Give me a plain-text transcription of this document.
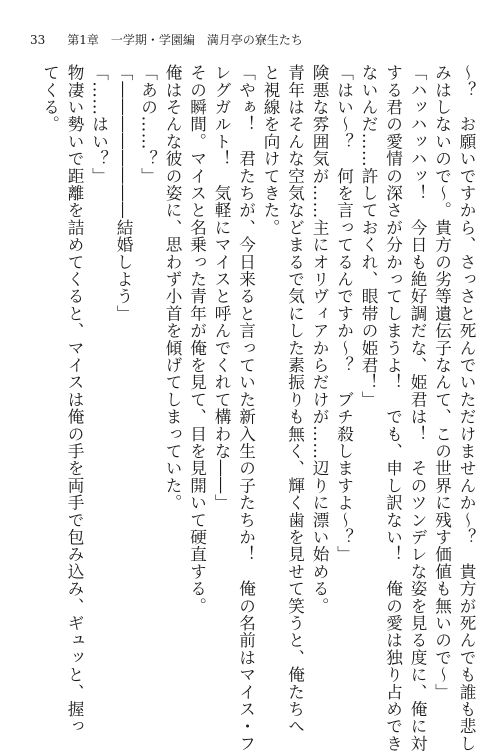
33 第1章　一学期・学園編　満月亭の寮生たち
〜？　お願いですから、さっさと死んでいただけませんか〜？　貴方が死んでも誰も悲し
みはしないので〜。貴方の劣等遺伝子なんて、この世界に残す価値も無いので〜」
「ハッハッハッ！　今日も絶好調だな、姫君は！　そのツンデレな姿を見る度に、俺に対
する君の愛情の深さが分かってしまうよ！　でも、申し訳ない！　俺の愛は独り占めでき
ないんだ……許しておくれ、眼帯の姫君！」
「はい〜？　何を言ってるんですか〜？　ブチ殺しますよ〜？」
険悪な雰囲気が……主にオリヴィアからだけが……辺りに漂い始める。
青年はそんな空気などまるで気にした素振りも無く、輝く歯を見せて笑うと、俺たちへ
と視線を向けてきた。
「やぁ！　君たちが、今日来ると言っていた新入生の子たちか！　俺の名前はマイス・フ
レグガルト！　気軽にマイスと呼んでくれて構わな――」
その瞬間。マイスと名乗った青年が俺を見て、目を見開いて硬直する。
俺はそんな彼の姿に、思わず小首を傾げてしまっていた。
「あの……？」
「――――――――結婚しよう」
「……はい？」
物凄い勢いで距離を詰めてくると、マイスは俺の手を両手で包み込み、ギュッと、握っ
てくる。
